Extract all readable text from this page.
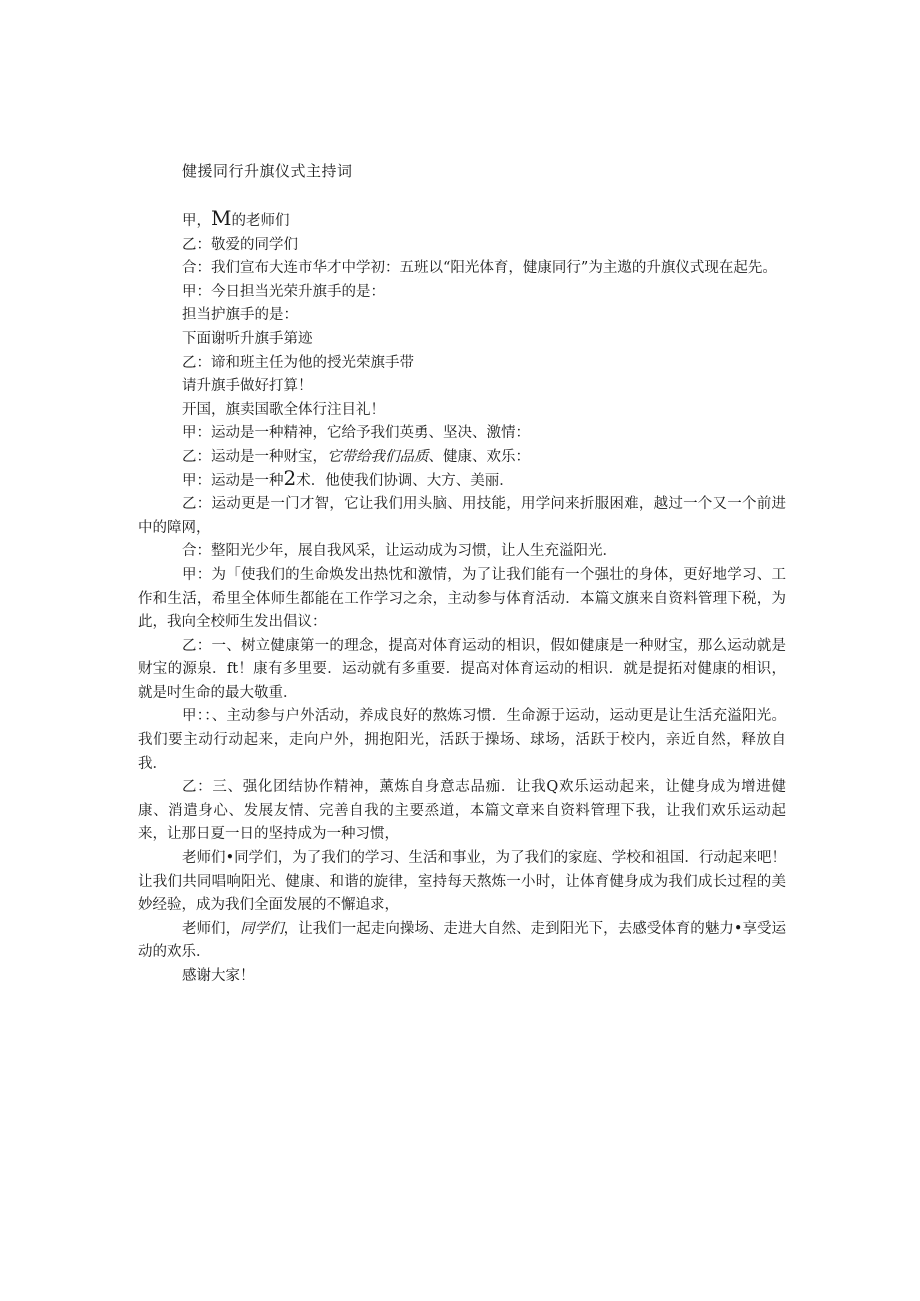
健援同行升旗仪式主持词

甲，M的老师们

乙：敬爱的同学们

合：我们宣布大连市华才中学初：五班以“阳光体育，健康同行”为主遨的升旗仪式现在起先。

甲：今日担当光荣升旗手的是：

担当护旗手的是：

下面谢听升旗手第迹

乙：谛和班主任为他的授光荣旗手带

请升旗手做好打算！

开国，旗卖国歌全体行注目礼！

甲：运动是一种精神，它给予我们英勇、坚决、激情：

乙：运动是一种财宝，它带给我们品质、健康、欢乐：

甲：运动是一种2术．他使我们协调、大方、美丽．

乙：运动更是一门才智，它让我们用头脑、用技能，用学问来折服困难，越过一个又一个前进中的障网，

合：整阳光少年，展自我风采，让运动成为习惯，让人生充溢阳光．

甲：为「使我们的生命焕发出热忱和激情，为了让我们能有一个强壮的身体，更好地学习、工作和生活，希里全体师生都能在工作学习之余，主动参与体育活动．本篇文旗来自资料管理下税，为此，我向全校师生发出倡议：

乙：一、树立健康第一的理念，提高对体育运动的相识，假如健康是一种财宝，那么运动就是财宝的源泉．ft！康有多里要．运动就有多重要．提高对体育运动的相识．就是提拓对健康的相识，就是吋生命的最大敬重．

甲：：、主动参与户外活动，养成良好的熬炼习惯．生命源于运动，运动更是让生活充溢阳光。我们要主动行动起来，走向户外，拥抱阳光，活跃于操场、球场，活跃于校内，亲近自然，释放自我．

乙：三、强化团结协作精神，薰炼自身意志品痂．让我Q欢乐运动起来，让健身成为增进健康、消遣身心、发展友情、完善自我的主要烝道，本篇文章来自资料管理下我，让我们欢乐运动起来，让那日夏一日的坚持成为一种习惯，

老师们•同学们，为了我们的学习、生活和事业，为了我们的家庭、学校和祖国．行动起来吧！让我们共同唱响阳光、健康、和谐的旋律，室持每天熬炼一小时，让体育健身成为我们成长过程的美妙经验，成为我们全面发展的不懈追求，

老师们，同学们，让我们一起走向操场、走进大自然、走到阳光下，去感受体育的魅力•享受运动的欢乐．

感谢大家！
